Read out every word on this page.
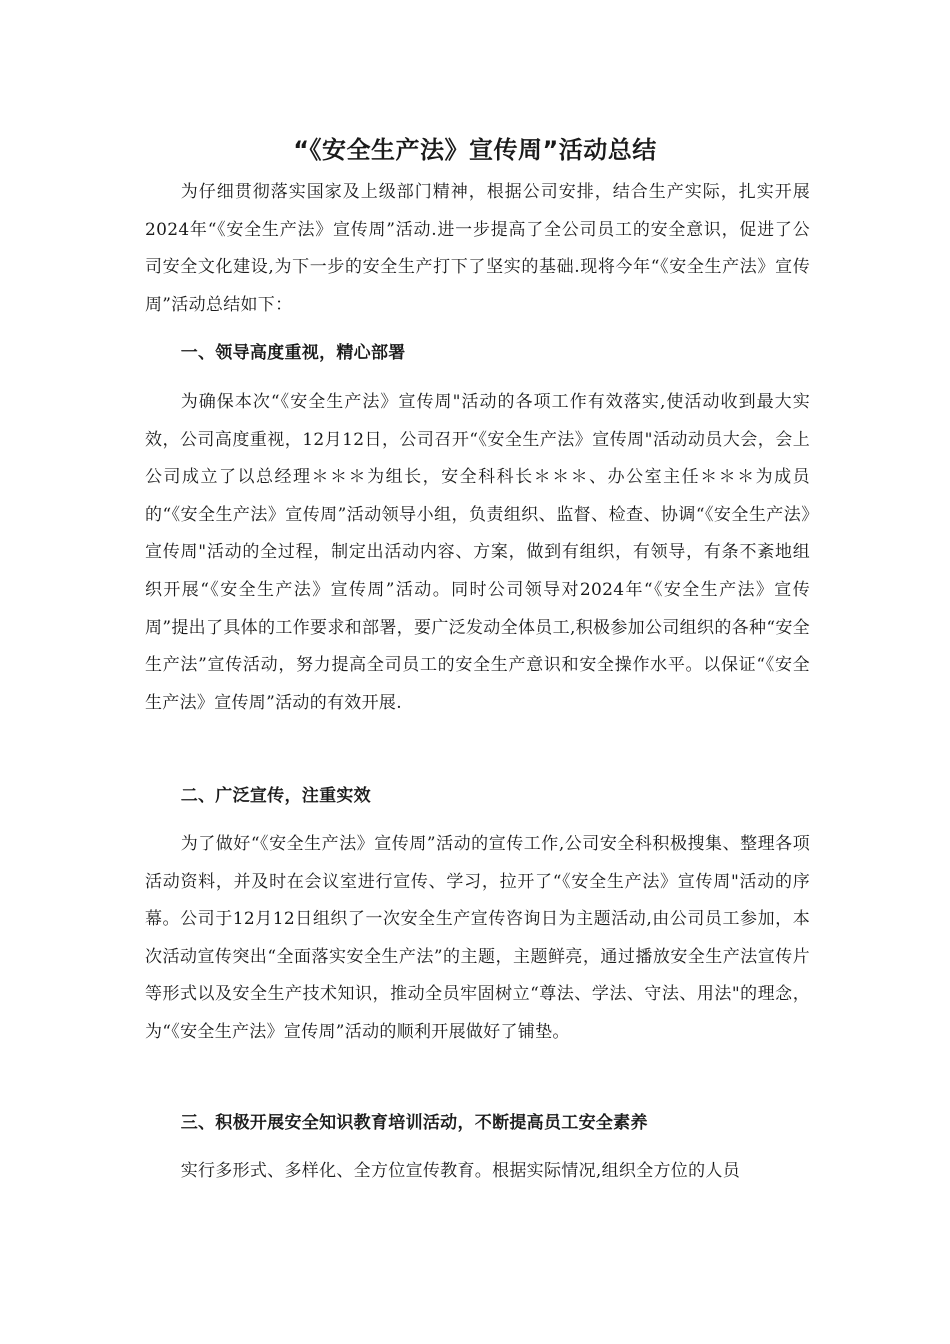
“《安全生产法》宣传周”活动总结

为仔细贯彻落实国家及上级部门精神，根据公司安排，结合生产实际，扎实开展2024年“《安全生产法》宣传周”活动.进一步提高了全公司员工的安全意识，促进了公司安全文化建设,为下一步的安全生产打下了坚实的基础.现将今年“《安全生产法》宣传周”活动总结如下：

一、领导高度重视，精心部署

为确保本次“《安全生产法》宣传周"活动的各项工作有效落实,使活动收到最大实效，公司高度重视，12月12日，公司召开“《安全生产法》宣传周"活动动员大会，会上公司成立了以总经理＊＊＊为组长，安全科科长＊＊＊、办公室主任＊＊＊为成员的“《安全生产法》宣传周”活动领导小组，负责组织、监督、检查、协调“《安全生产法》宣传周"活动的全过程，制定出活动内容、方案，做到有组织，有领导，有条不紊地组织开展“《安全生产法》宣传周”活动。同时公司领导对2024年“《安全生产法》宣传周”提出了具体的工作要求和部署，要广泛发动全体员工,积极参加公司组织的各种“安全生产法”宣传活动，努力提高全司员工的安全生产意识和安全操作水平。以保证“《安全生产法》宣传周”活动的有效开展.

二、广泛宣传，注重实效

为了做好“《安全生产法》宣传周”活动的宣传工作,公司安全科积极搜集、整理各项活动资料，并及时在会议室进行宣传、学习，拉开了“《安全生产法》宣传周"活动的序幕。公司于12月12日组织了一次安全生产宣传咨询日为主题活动,由公司员工参加，本次活动宣传突出“全面落实安全生产法”的主题，主题鲜亮，通过播放安全生产法宣传片等形式以及安全生产技术知识，推动全员牢固树立“尊法、学法、守法、用法"的理念，为“《安全生产法》宣传周”活动的顺利开展做好了铺垫。

三、积极开展安全知识教育培训活动，不断提高员工安全素养

实行多形式、多样化、全方位宣传教育。根据实际情况,组织全方位的人员
